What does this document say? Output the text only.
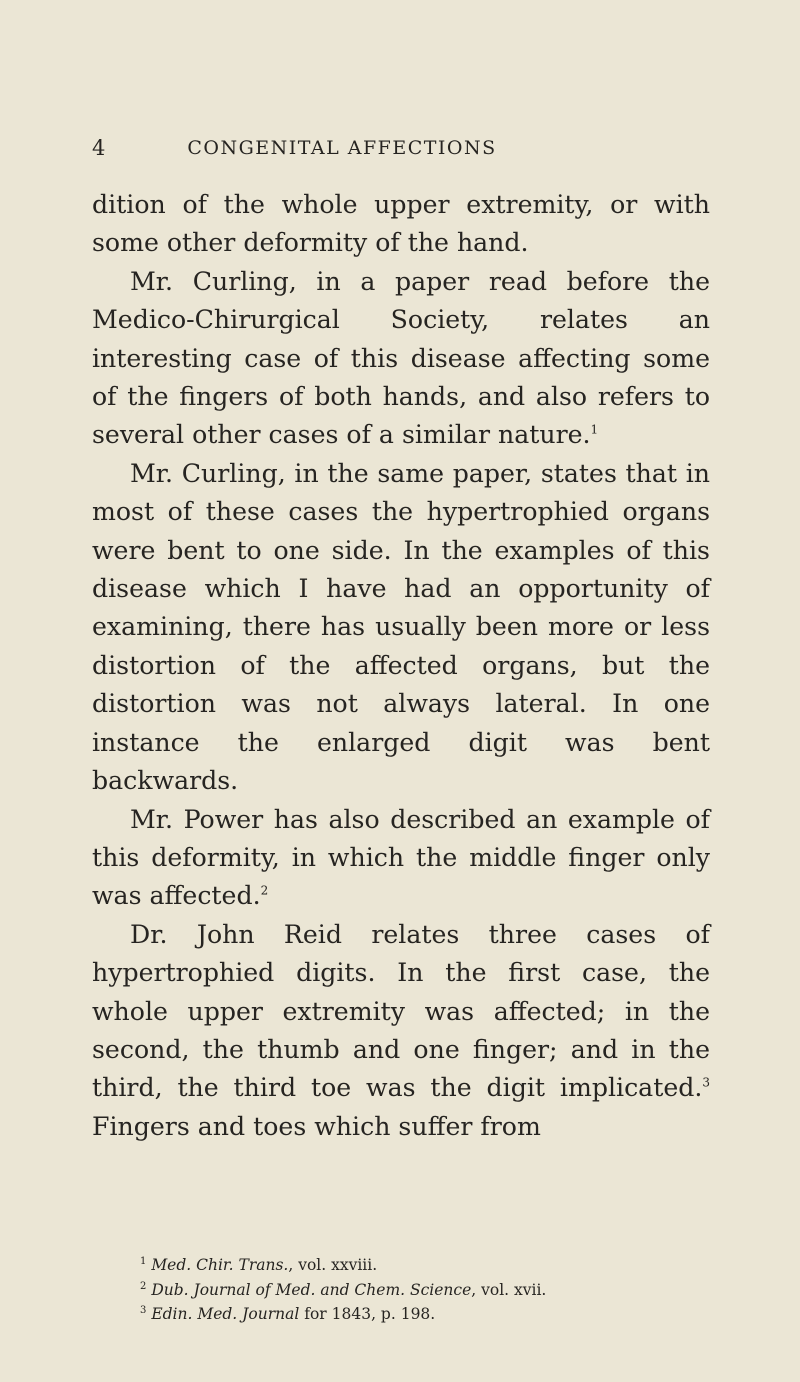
4	CONGENITAL AFFECTIONS

dition of the whole upper extremity, or with some other deformity of the hand.

Mr. Curling, in a paper read before the Medico-Chirurgical Society, relates an interesting case of this disease affecting some of the fingers of both hands, and also refers to several other cases of a similar nature.$^1$

Mr. Curling, in the same paper, states that in most of these cases the hypertrophied organs were bent to one side. In the examples of this disease which I have had an opportunity of examining, there has usually been more or less distortion of the affected organs, but the distortion was not always lateral. In one instance the enlarged digit was bent backwards.

Mr. Power has also described an example of this deformity, in which the middle finger only was affected.$^2$

Dr. John Reid relates three cases of hypertrophied digits. In the first case, the whole upper extremity was affected; in the second, the thumb and one finger; and in the third, the third toe was the digit implicated.$^3$ Fingers and toes which suffer from

$^1$ Med. Chir. Trans., vol. xxviii.

$^2$ Dub. Journal of Med. and Chem. Science, vol. xvii.

$^3$ Edin. Med. Journal for 1843, p. 198.
